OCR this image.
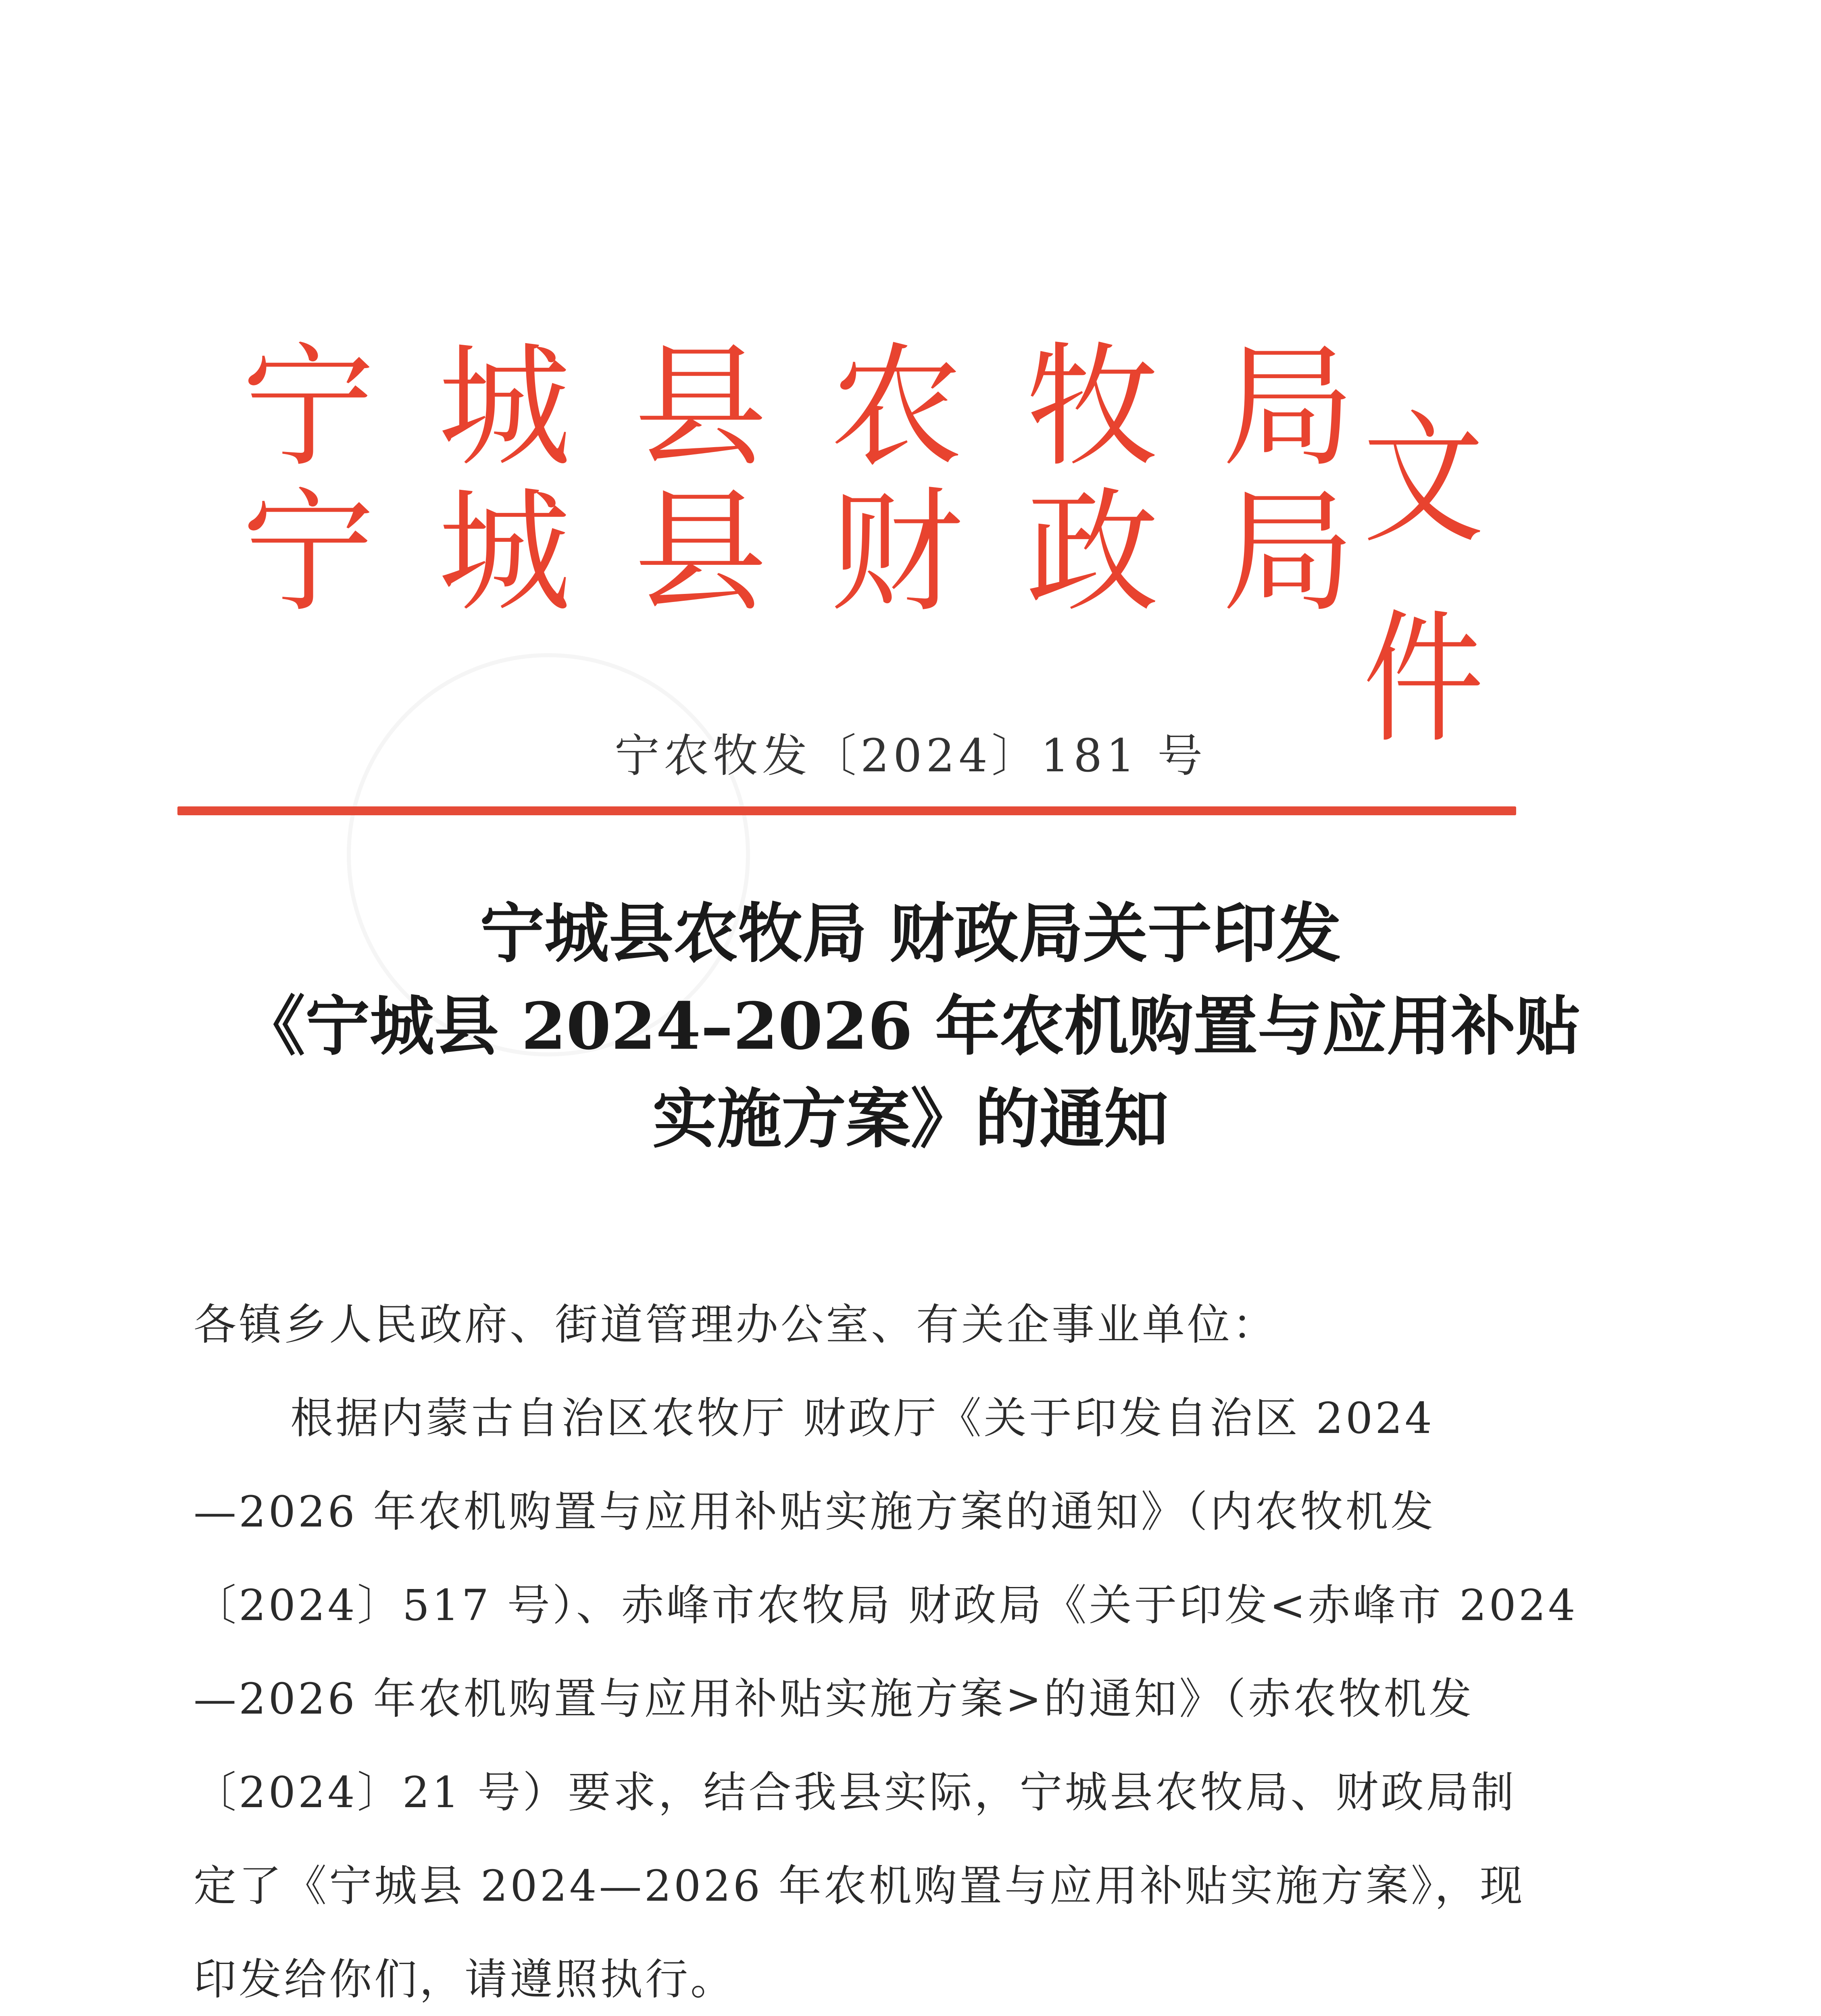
宁 城 县 农 牧 局
宁 城 县 财 政 局 文件
宁农牧发〔2024〕181 号
宁城县农牧局 财政局关于印发
《宁城县 2024–2026 年农机购置与应用补贴
实施方案》的通知
各镇乡人民政府、街道管理办公室、有关企事业单位：
根据内蒙古自治区农牧厅 财政厅《关于印发自治区 2024
—2026 年农机购置与应用补贴实施方案的通知》（内农牧机发
〔2024〕517 号）、赤峰市农牧局 财政局《关于印发<赤峰市 2024
—2026 年农机购置与应用补贴实施方案>的通知》（赤农牧机发
〔2024〕21 号）要求，结合我县实际，宁城县农牧局、财政局制
定了《宁城县 2024—2026 年农机购置与应用补贴实施方案》，现
印发给你们，请遵照执行。
